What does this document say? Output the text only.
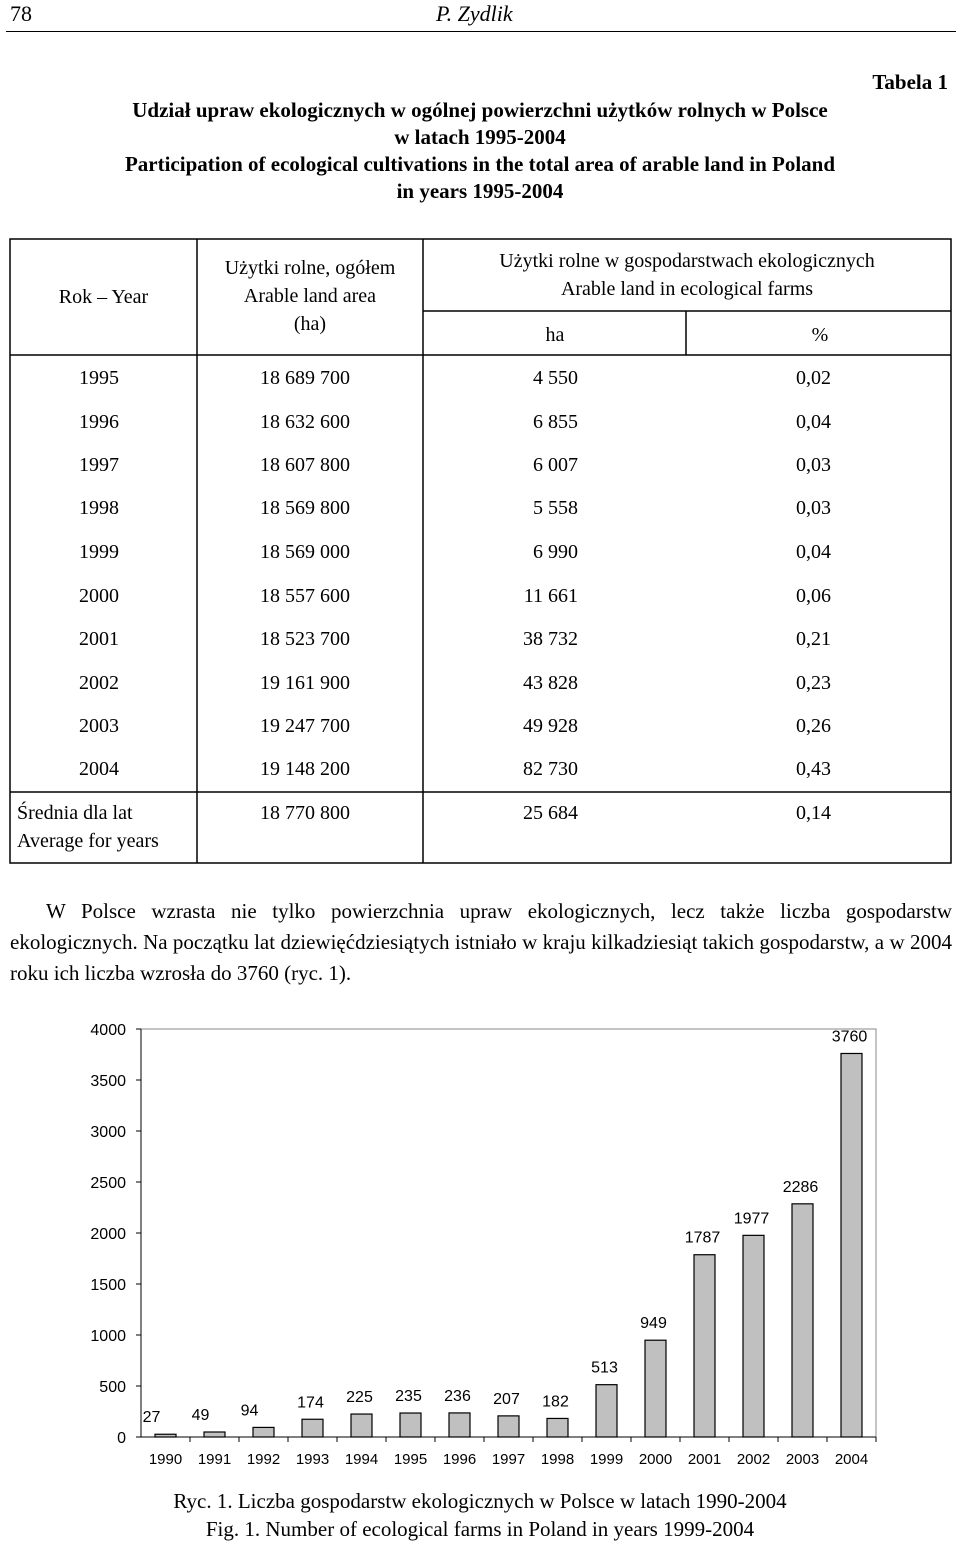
78	P. Zydlik
Tabela 1
Udział upraw ekologicznych w ogólnej powierzchni użytków rolnych w Polsce
w latach 1995-2004
Participation of ecological cultivations in the total area of arable land in Poland
in years 1995-2004
Rok – Year
Użytki rolne, ogółem
Arable land area
(ha)
Użytki rolne w gospodarstwach ekologicznych
Arable land in ecological farms
ha	%
1995	18 689 700	4 550	0,02
1996	18 632 600	6 855	0,04
1997	18 607 800	6 007	0,03
1998	18 569 800	5 558	0,03
1999	18 569 000	6 990	0,04
2000	18 557 600	11 661	0,06
2001	18 523 700	38 732	0,21
2002	19 161 900	43 828	0,23
2003	19 247 700	49 928	0,26
2004	19 148 200	82 730	0,43
Średnia dla lat
Average for years
18 770 800	25 684	0,14

W Polsce wzrasta nie tylko powierzchnia upraw ekologicznych, lecz także liczba gospodarstw ekologicznych. Na początku lat dziewięćdziesiątych istniało w kraju kilkadziesiąt takich gospodarstw, a w 2004 roku ich liczba wzrosła do 3760 (ryc. 1).

0
500
1000
1500
2000
2500
3000
3500
4000
27
1990
49
1991
94
1992
174
1993
225
1994
235
1995
236
1996
207
1997
182
1998
513
1999
949
2000
1787
2001
1977
2002
2286
2003
3760
2004
Ryc. 1. Liczba gospodarstw ekologicznych w Polsce w latach 1990-2004
Fig. 1. Number of ecological farms in Poland in years 1999-2004
